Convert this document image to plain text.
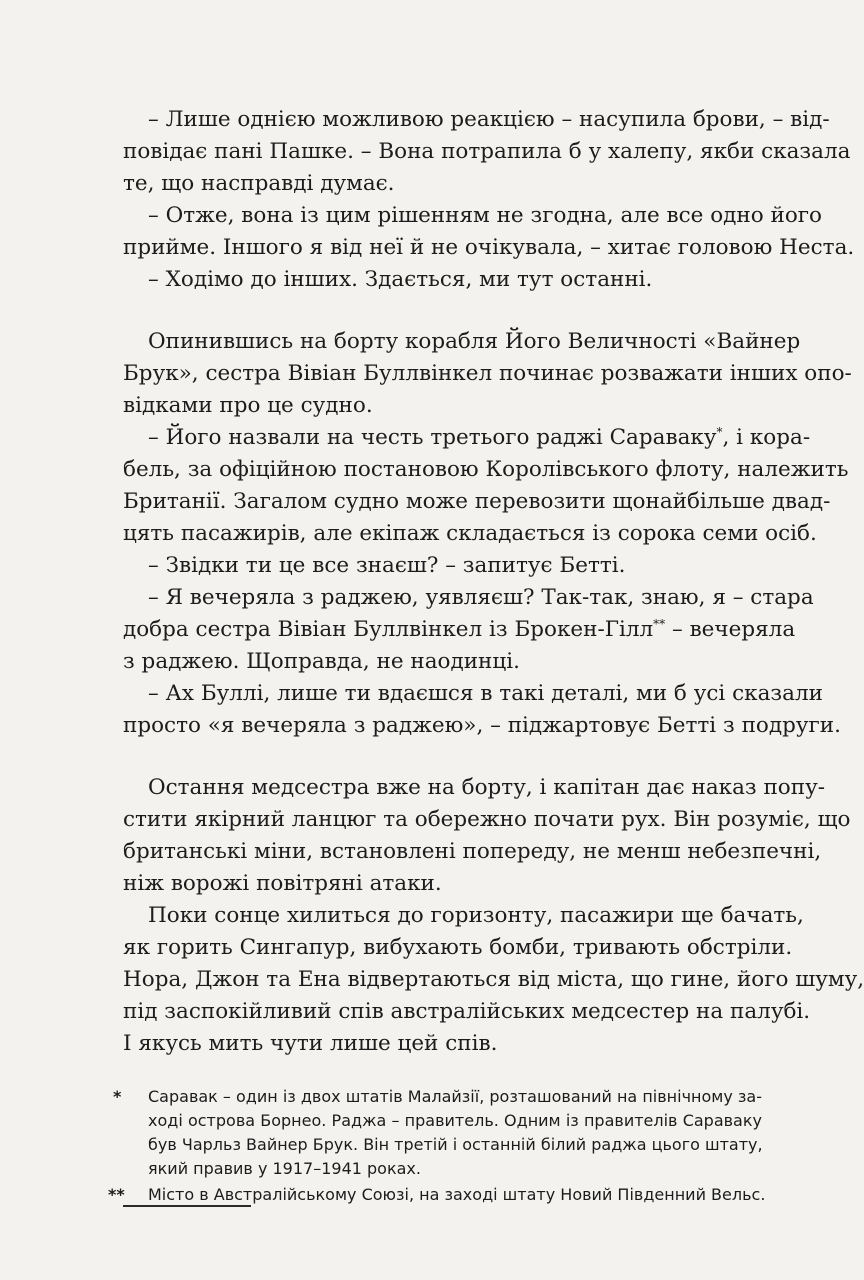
– Лише однією можливою реакцією – насупила брови, – від-
повідає пані Пашке. – Вона потрапила б у халепу, якби сказала
те, що насправді думає.
– Отже, вона із цим рішенням не згодна, але все одно його
прийме. Іншого я від неї й не очікувала, – хитає головою Неста.
– Ходімо до інших. Здається, ми тут останні.
Опинившись на борту корабля Його Величності «Вайнер
Брук», сестра Вівіан Буллвінкел починає розважати інших опо-
відками про це судно.
– Його назвали на честь третього раджі Сараваку*, і кора-
бель, за офіційною постановою Королівського флоту, належить
Британії. Загалом судно може перевозити щонайбільше двад-
цять пасажирів, але екіпаж складається із сорока семи осіб.
– Звідки ти це все знаєш? – запитує Бетті.
– Я вечеряла з раджею, уявляєш? Так-так, знаю, я – стара
добра сестра Вівіан Буллвінкел із Брокен-Гілл** – вечеряла
з раджею. Щоправда, не наодинці.
– Ах Буллі, лише ти вдаєшся в такі деталі, ми б усі сказали
просто «я вечеряла з раджею», – піджартовує Бетті з подруги.
Остання медсестра вже на борту, і капітан дає наказ попу-
стити якірний ланцюг та обережно почати рух. Він розуміє, що
британські міни, встановлені попереду, не менш небезпечні,
ніж ворожі повітряні атаки.
Поки сонце хилиться до горизонту, пасажири ще бачать,
як горить Сингапур, вибухають бомби, тривають обстріли.
Нора, Джон та Ена відвертаються від міста, що гине, його шуму,
під заспокійливий спів австралійських медсестер на палубі.
І якусь мить чути лише цей спів.
* Саравак – один із двох штатів Малайзії, розташований на північному за-
ході острова Борнео. Раджа – правитель. Одним із правителів Сараваку
був Чарльз Вайнер Брук. Він третій і останній білий раджа цього штату,
який правив у 1917–1941 роках.
** Місто в Австралійському Союзі, на заході штату Новий Південний Вельс.
